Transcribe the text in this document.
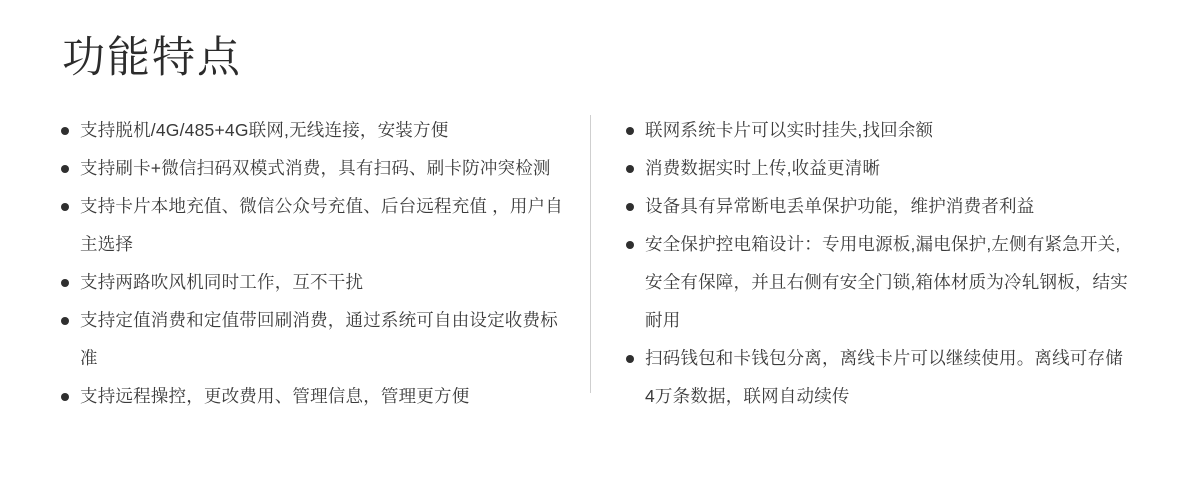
功能特点
支持脱机/4G/485+4G联网,无线连接，安装方便
支持刷卡+微信扫码双模式消费，具有扫码、刷卡防冲突检测
支持卡片本地充值、微信公众号充值、后台远程充值 ，用户自主选择
支持两路吹风机同时工作，互不干扰
支持定值消费和定值带回刷消费，通过系统可自由设定收费标准
支持远程操控，更改费用、管理信息，管理更方便
联网系统卡片可以实时挂失,找回余额
消费数据实时上传,收益更清晰
设备具有异常断电丢单保护功能，维护消费者利益
安全保护控电箱设计：专用电源板,漏电保护,左侧有紧急开关,安全有保障，并且右侧有安全门锁,箱体材质为冷轧钢板，结实耐用
扫码钱包和卡钱包分离，离线卡片可以继续使用。离线可存储4万条数据，联网自动续传
